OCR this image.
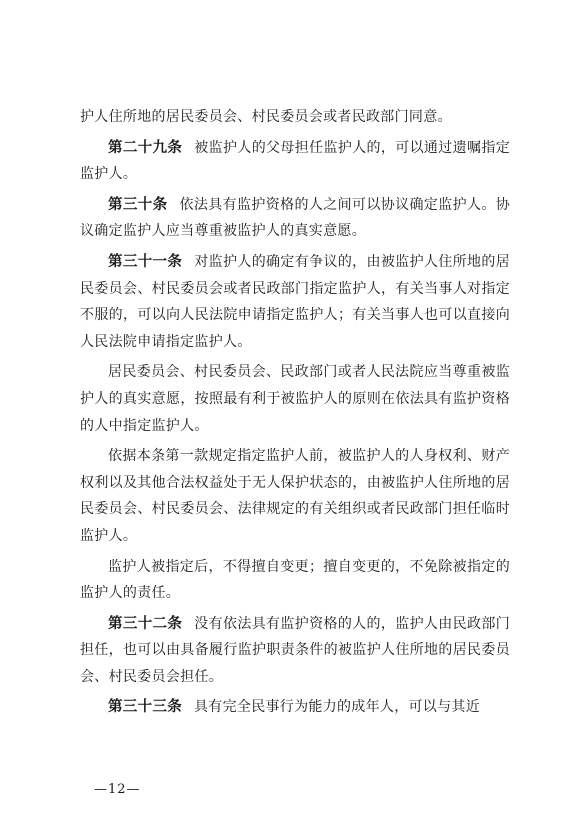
护人住所地的居民委员会、村民委员会或者民政部门同意。

第二十九条 被监护人的父母担任监护人的，可以通过遗嘱指定监护人。

第三十条 依法具有监护资格的人之间可以协议确定监护人。协议确定监护人应当尊重被监护人的真实意愿。

第三十一条 对监护人的确定有争议的，由被监护人住所地的居民委员会、村民委员会或者民政部门指定监护人，有关当事人对指定不服的，可以向人民法院申请指定监护人；有关当事人也可以直接向人民法院申请指定监护人。

居民委员会、村民委员会、民政部门或者人民法院应当尊重被监护人的真实意愿，按照最有利于被监护人的原则在依法具有监护资格的人中指定监护人。

依据本条第一款规定指定监护人前，被监护人的人身权利、财产权利以及其他合法权益处于无人保护状态的，由被监护人住所地的居民委员会、村民委员会、法律规定的有关组织或者民政部门担任临时监护人。

监护人被指定后，不得擅自变更；擅自变更的，不免除被指定的监护人的责任。

第三十二条 没有依法具有监护资格的人的，监护人由民政部门担任，也可以由具备履行监护职责条件的被监护人住所地的居民委员会、村民委员会担任。

第三十三条 具有完全民事行为能力的成年人，可以与其近

—12—
